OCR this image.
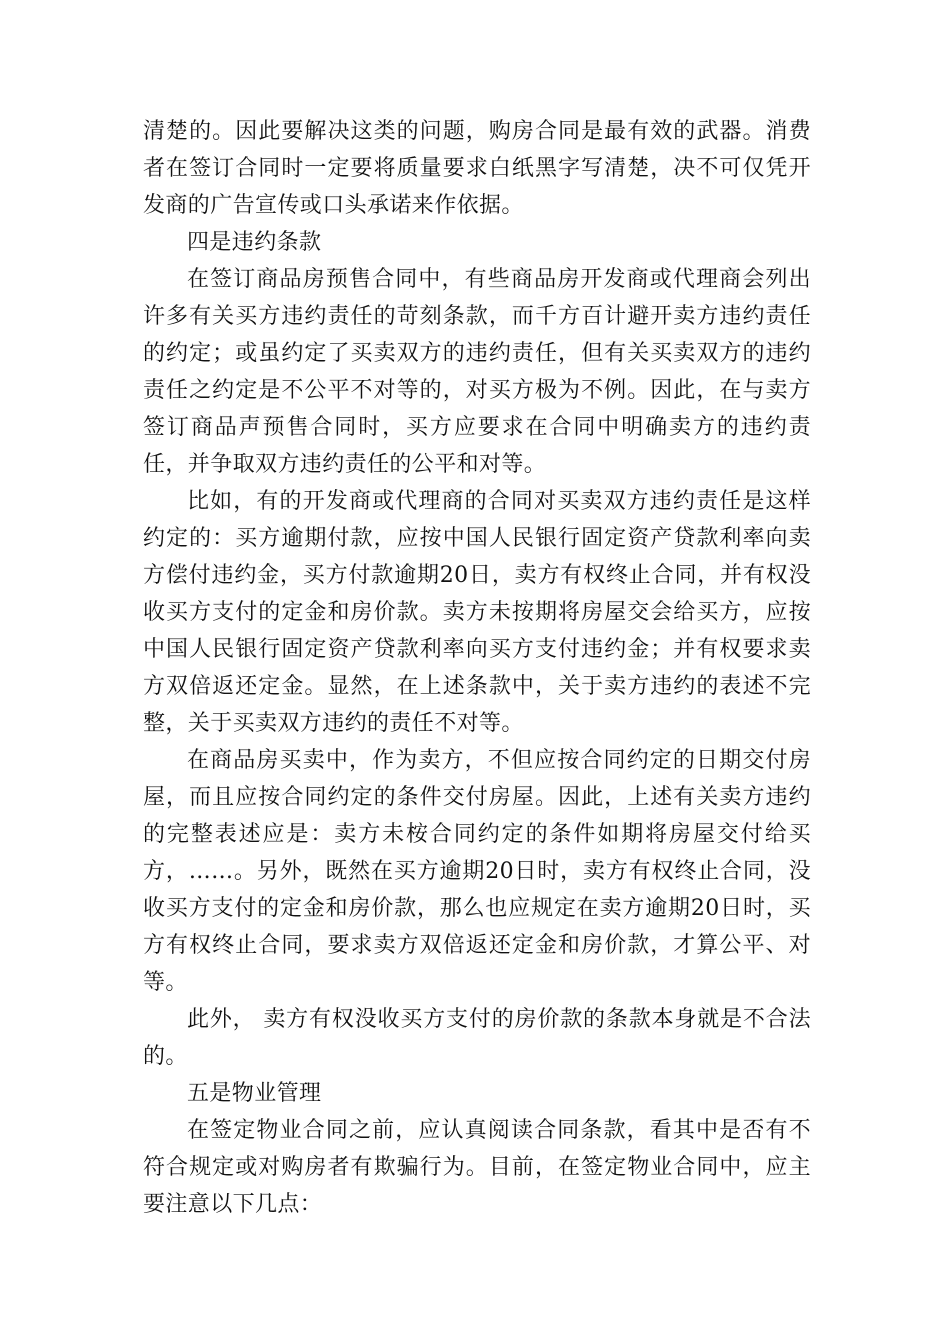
清楚的。因此要解决这类的问题，购房合同是最有效的武器。消费者在签订合同时一定要将质量要求白纸黑字写清楚，决不可仅凭开发商的广告宣传或口头承诺来作依据。

四是违约条款

在签订商品房预售合同中，有些商品房开发商或代理商会列出许多有关买方违约责任的苛刻条款，而千方百计避开卖方违约责任的约定；或虽约定了买卖双方的违约责任，但有关买卖双方的违约责任之约定是不公平不对等的，对买方极为不例。因此，在与卖方签订商品声预售合同时，买方应要求在合同中明确卖方的违约责任，并争取双方违约责任的公平和对等。

比如，有的开发商或代理商的合同对买卖双方违约责任是这样约定的：买方逾期付款，应按中国人民银行固定资产贷款利率向卖方偿付违约金，买方付款逾期20日，卖方有权终止合同，并有权没收买方支付的定金和房价款。卖方未按期将房屋交会给买方，应按中国人民银行固定资产贷款利率向买方支付违约金；并有权要求卖方双倍返还定金。显然，在上述条款中，关于卖方违约的表述不完整，关于买卖双方违约的责任不对等。

在商品房买卖中，作为卖方，不但应按合同约定的日期交付房屋，而且应按合同约定的条件交付房屋。因此，上述有关卖方违约的完整表述应是：卖方未桉合同约定的条件如期将房屋交付给买方，……。另外，既然在买方逾期20日时，卖方有权终止合同，没收买方支付的定金和房价款，那么也应规定在卖方逾期20日时，买方有权终止合同，要求卖方双倍返还定金和房价款，才算公平、对等。

此外， 卖方有权没收买方支付的房价款的条款本身就是不合法的。

五是物业管理

在签定物业合同之前，应认真阅读合同条款，看其中是否有不符合规定或对购房者有欺骗行为。目前，在签定物业合同中，应主要注意以下几点：
